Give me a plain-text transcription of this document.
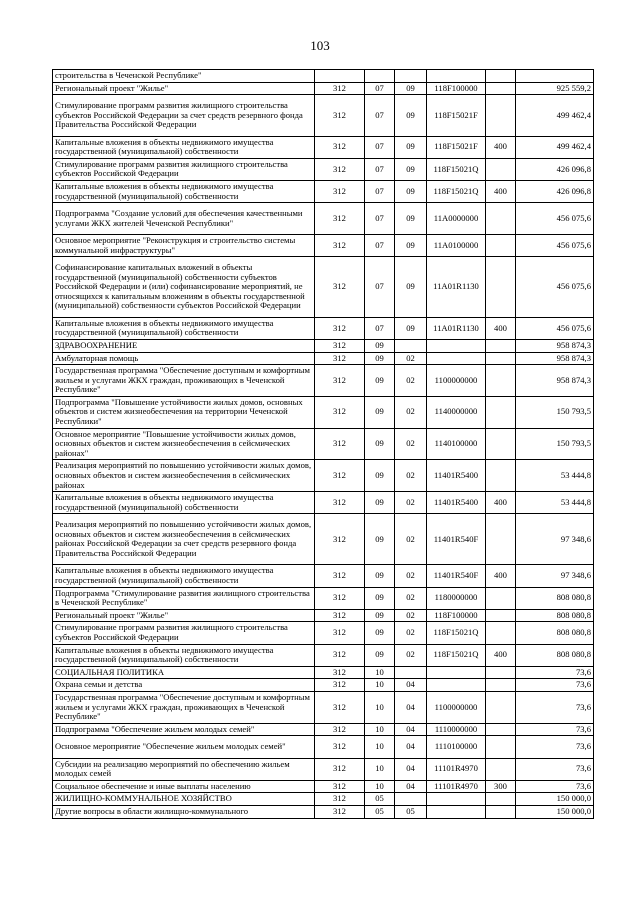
103
строительства в Чеченской Республике"						
Региональный проект "Жилье"	312	07	09	118F100000		925 559,2
Стимулирование программ развития жилищного строительства субъектов Российской Федерации за счет средств резервного фонда Правительства Российской Федерации	312	07	09	118F15021F		499 462,4
Капитальные вложения в объекты недвижимого имущества государственной (муниципальной) собственности	312	07	09	118F15021F	400	499 462,4
Стимулирование программ развития жилищного строительства субъектов Российской Федерации	312	07	09	118F15021Q		426 096,8
Капитальные вложения в объекты недвижимого имущества государственной (муниципальной) собственности	312	07	09	118F15021Q	400	426 096,8
Подпрограмма "Создание условий для обеспечения качественными услугами ЖКХ жителей Чеченской Республики"	312	07	09	11A0000000		456 075,6
Основное мероприятие "Реконструкция и строительство системы коммунальной инфраструктуры"	312	07	09	11A0100000		456 075,6
Софинансирование капитальных вложений в объекты государственной (муниципальной) собственности субъектов Российской Федерации и (или) софинансирование мероприятий, не относящихся к капитальным вложениям в объекты государственной (муниципальной) собственности субъектов Российской Федерации	312	07	09	11A01R1130		456 075,6
Капитальные вложения в объекты недвижимого имущества государственной (муниципальной) собственности	312	07	09	11A01R1130	400	456 075,6
ЗДРАВООХРАНЕНИЕ	312	09				958 874,3
Амбулаторная помощь	312	09	02			958 874,3
Государственная программа "Обеспечение доступным и комфортным жильем и услугами ЖКХ граждан, проживающих в Чеченской Республике"	312	09	02	1100000000		958 874,3
Подпрограмма "Повышение устойчивости жилых домов, основных объектов и систем жизнеобеспечения на территории Чеченской Республики"	312	09	02	1140000000		150 793,5
Основное мероприятие "Повышение устойчивости жилых домов, основных объектов и систем жизнеобеспечения в сейсмических районах"	312	09	02	1140100000		150 793,5
Реализация мероприятий по повышению устойчивости жилых домов, основных объектов и систем жизнеобеспечения в сейсмических районах	312	09	02	11401R5400		53 444,8
Капитальные вложения в объекты недвижимого имущества государственной (муниципальной) собственности	312	09	02	11401R5400	400	53 444,8
Реализация мероприятий по повышению устойчивости жилых домов, основных объектов и систем жизнеобеспечения в сейсмических районах Российской Федерации за счет средств резервного фонда Правительства Российской Федерации	312	09	02	11401R540F		97 348,6
Капитальные вложения в объекты недвижимого имущества государственной (муниципальной) собственности	312	09	02	11401R540F	400	97 348,6
Подпрограмма "Стимулирование развития жилищного строительства в Чеченской Республике"	312	09	02	1180000000		808 080,8
Региональный проект "Жилье"	312	09	02	118F100000		808 080,8
Стимулирование программ развития жилищного строительства субъектов Российской Федерации	312	09	02	118F15021Q		808 080,8
Капитальные вложения в объекты недвижимого имущества государственной (муниципальной) собственности	312	09	02	118F15021Q	400	808 080,8
СОЦИАЛЬНАЯ ПОЛИТИКА	312	10				73,6
Охрана семьи и детства	312	10	04			73,6
Государственная программа "Обеспечение доступным и комфортным жильем и услугами ЖКХ граждан, проживающих в Чеченской Республике"	312	10	04	1100000000		73,6
Подпрограмма "Обеспечение жильем молодых семей"	312	10	04	1110000000		73,6
Основное мероприятие "Обеспечение жильем молодых семей"	312	10	04	1110100000		73,6
Субсидии на реализацию мероприятий по обеспечению жильем молодых семей	312	10	04	11101R4970		73,6
Социальное обеспечение и иные выплаты населению	312	10	04	11101R4970	300	73,6
ЖИЛИЩНО-КОММУНАЛЬНОЕ ХОЗЯЙСТВО	312	05				150 000,0
Другие вопросы в области жилищно-коммунального	312	05	05			150 000,0
